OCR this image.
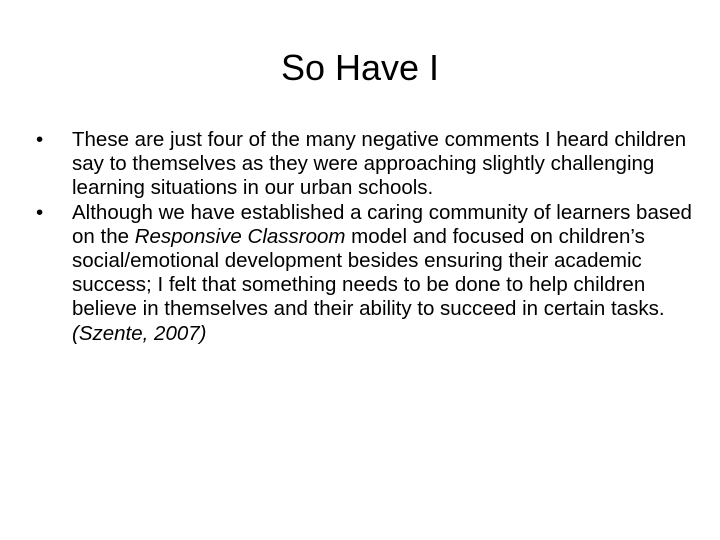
So Have I
•	These are just four of the many negative comments I heard children say to themselves as they were approaching slightly challenging learning situations in our urban schools.
•	Although we have established a caring community of learners based on the Responsive Classroom model and focused on children’s social/emotional development besides ensuring their academic success; I felt that something needs to be done to help children believe in themselves and their ability to succeed in certain tasks. (Szente, 2007)
